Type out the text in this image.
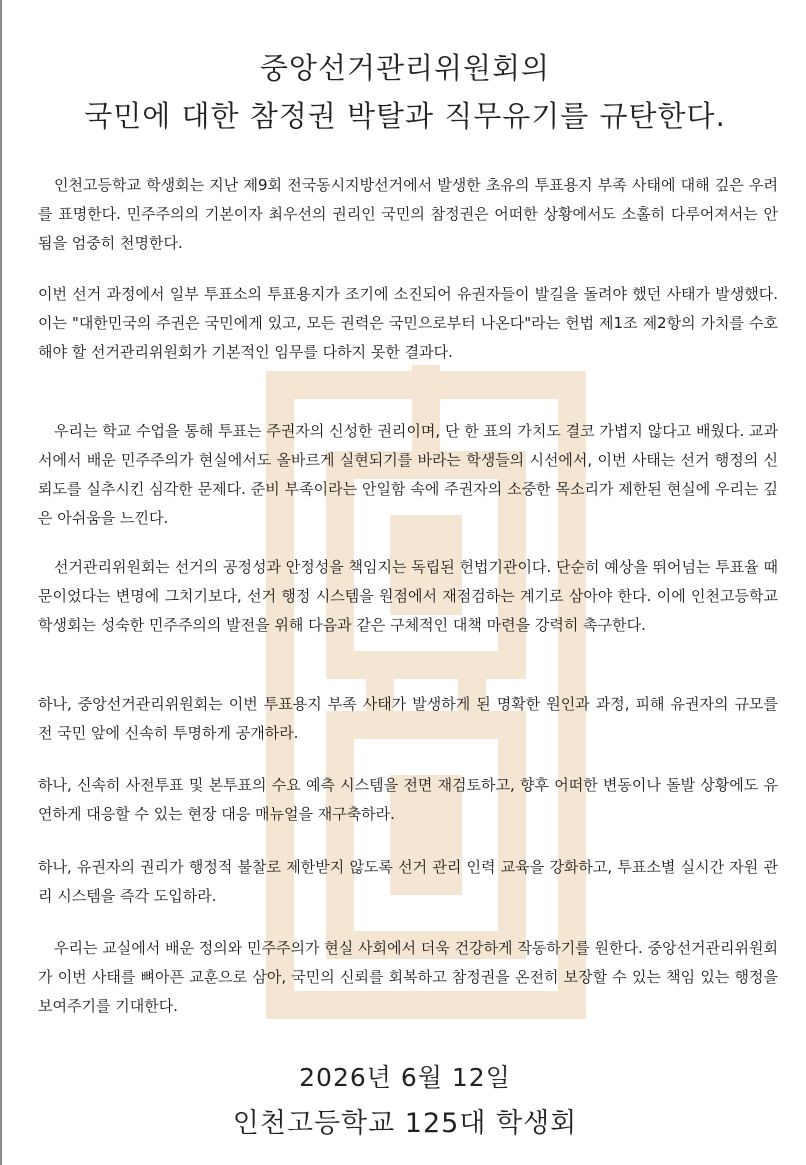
중앙선거관리위원회의
국민에 대한 참정권 박탈과 직무유기를 규탄한다.

인천고등학교 학생회는 지난 제9회 전국동시지방선거에서 발생한 초유의 투표용지 부족 사태에 대해 깊은 우려를 표명한다. 민주주의의 기본이자 최우선의 권리인 국민의 참정권은 어떠한 상황에서도 소홀히 다루어져서는 안 됨을 엄중히 천명한다.

이번 선거 과정에서 일부 투표소의 투표용지가 조기에 소진되어 유권자들이 발길을 돌려야 했던 사태가 발생했다. 이는 "대한민국의 주권은 국민에게 있고, 모든 권력은 국민으로부터 나온다"라는 헌법 제1조 제2항의 가치를 수호해야 할 선거관리위원회가 기본적인 임무를 다하지 못한 결과다.

우리는 학교 수업을 통해 투표는 주권자의 신성한 권리이며, 단 한 표의 가치도 결코 가볍지 않다고 배웠다. 교과서에서 배운 민주주의가 현실에서도 올바르게 실현되기를 바라는 학생들의 시선에서, 이번 사태는 선거 행정의 신뢰도를 실추시킨 심각한 문제다. 준비 부족이라는 안일함 속에 주권자의 소중한 목소리가 제한된 현실에 우리는 깊은 아쉬움을 느낀다.

선거관리위원회는 선거의 공정성과 안정성을 책임지는 독립된 헌법기관이다. 단순히 예상을 뛰어넘는 투표율 때문이었다는 변명에 그치기보다, 선거 행정 시스템을 원점에서 재점검하는 계기로 삼아야 한다. 이에 인천고등학교 학생회는 성숙한 민주주의의 발전을 위해 다음과 같은 구체적인 대책 마련을 강력히 촉구한다.

하나, 중앙선거관리위원회는 이번 투표용지 부족 사태가 발생하게 된 명확한 원인과 과정, 피해 유권자의 규모를 전 국민 앞에 신속히 투명하게 공개하라.

하나, 신속히 사전투표 및 본투표의 수요 예측 시스템을 전면 재검토하고, 향후 어떠한 변동이나 돌발 상황에도 유연하게 대응할 수 있는 현장 대응 매뉴얼을 재구축하라.

하나, 유권자의 권리가 행정적 불찰로 제한받지 않도록 선거 관리 인력 교육을 강화하고, 투표소별 실시간 자원 관리 시스템을 즉각 도입하라.

우리는 교실에서 배운 정의와 민주주의가 현실 사회에서 더욱 건강하게 작동하기를 원한다. 중앙선거관리위원회가 이번 사태를 뼈아픈 교훈으로 삼아, 국민의 신뢰를 회복하고 참정권을 온전히 보장할 수 있는 책임 있는 행정을 보여주기를 기대한다.

2026년 6월 12일
인천고등학교 125대 학생회
